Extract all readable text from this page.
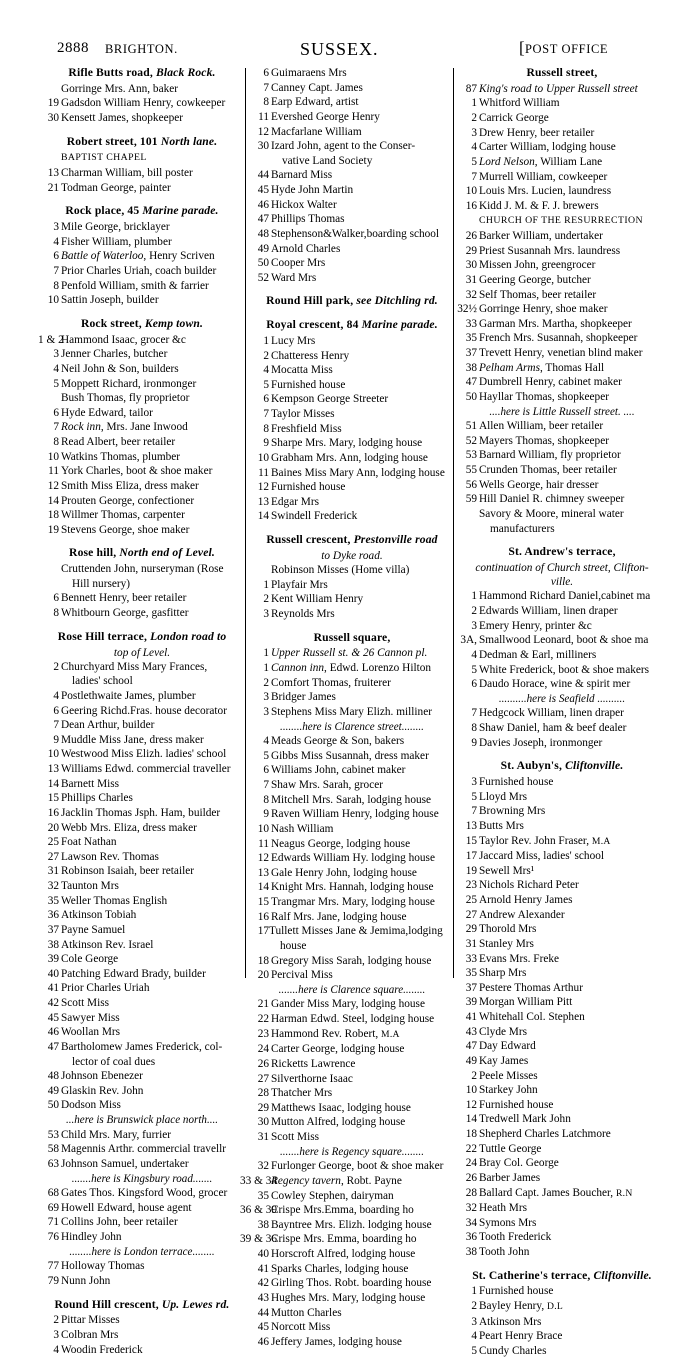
2888 BRIGHTON.	SUSSEX.	[ POST OFFICE
Rifle Butts road, Black Rock.
Gorringe Mrs. Ann, baker
19 Gadsdon William Henry, cowkeeper
30 Kensett James, shopkeeper
Robert street, 101 North lane.
BAPTIST CHAPEL
13 Charman William, bill poster
21 Todman George, painter
Rock place, 45 Marine parade.
3 Mile George, bricklayer
4 Fisher William, plumber
6 Battle of Waterloo, Henry Scriven
7 Prior Charles Uriah, coach builder
8 Penfold William, smith & farrier
10 Sattin Joseph, builder
Rock street, Kemp town.
1 & 2
Hammond Isaac, grocer &c
3 Jenner Charles, butcher
4 Neil John & Son, builders
5 Moppett Richard, ironmonger
Bush Thomas, fly proprietor
6 Hyde Edward, tailor
7 Rock inn, Mrs. Jane Inwood
8 Read Albert, beer retailer
10 Watkins Thomas, plumber
11 York Charles, boot & shoe maker
12 Smith Miss Eliza, dress maker
14 Prouten George, confectioner
18 Willmer Thomas, carpenter
19 Stevens George, shoe maker
Rose hill, North end of Level.
Cruttenden John, nurseryman (Rose
Hill nursery)
6 Bennett Henry, beer retailer
8 Whitbourn George, gasfitter
Rose Hill terrace, London road to
top of Level.
2 Churchyard Miss Mary Frances,
ladies' school
4 Postlethwaite James, plumber
6 Geering Richd.Fras. house decorator
7 Dean Arthur, builder
9 Muddle Miss Jane, dress maker
10 Westwood Miss Elizh. ladies' school
13 Williams Edwd. commercial traveller
14 Barnett Miss
15 Phillips Charles
16 Jacklin Thomas Jsph. Ham, builder
20 Webb Mrs. Eliza, dress maker
25 Foat Nathan
27 Lawson Rev. Thomas
31 Robinson Isaiah, beer retailer
32 Taunton Mrs
35 Weller Thomas English
36 Atkinson Tobiah
37 Payne Samuel
38 Atkinson Rev. Israel
39 Cole George
40 Patching Edward Brady, builder
41 Prior Charles Uriah
42 Scott Miss
45 Sawyer Miss
46 Woollan Mrs
47 Bartholomew James Frederick, col-
lector of coal dues
48 Johnson Ebenezer
49 Glaskin Rev. John
50 Dodson Miss
...here is Brunswick place north....
53 Child Mrs. Mary, furrier
58 Magennis Arthr. commercial travellr
63 Johnson Samuel, undertaker
.......here is Kingsbury road.......
68 Gates Thos. Kingsford Wood, grocer
69 Howell Edward, house agent
71 Collins John, beer retailer
76 Hindley John
........here is London terrace........
77 Holloway Thomas
79 Nunn John
Round Hill crescent, Up. Lewes rd.
2 Pittar Misses
3 Colbran Mrs
4 Woodin Frederick
6 Guimaraens Mrs
7 Canney Capt. James
8 Earp Edward, artist
11 Evershed George Henry
12 Macfarlane William
30 Izard John, agent to the Conser-
vative Land Society
44 Barnard Miss
45 Hyde John Martin
46 Hickox Walter
47 Phillips Thomas
48 Stephenson&Walker,boarding school
49 Arnold Charles
50 Cooper Mrs
52 Ward Mrs
Round Hill park, see Ditchling rd.
Royal crescent, 84 Marine parade.
1 Lucy Mrs
2 Chatteress Henry
4 Mocatta Miss
5 Furnished house
6 Kempson George Streeter
7 Taylor Misses
8 Freshfield Miss
9 Sharpe Mrs. Mary, lodging house
10 Grabham Mrs. Ann, lodging house
11 Baines Miss Mary Ann, lodging house
12 Furnished house
13 Edgar Mrs
14 Swindell Frederick
Russell crescent, Prestonville road
to Dyke road.
Robinson Misses (Home villa)
1 Playfair Mrs
2 Kent William Henry
3 Reynolds Mrs
Russell square,
1 Upper Russell st. & 26 Cannon pl.
1 Cannon inn, Edwd. Lorenzo Hilton
2 Comfort Thomas, fruiterer
3 Bridger James
3 Stephens Miss Mary Elizh. milliner
........here is Clarence street........
4 Meads George & Son, bakers
5 Gibbs Miss Susannah, dress maker
6 Williams John, cabinet maker
7 Shaw Mrs. Sarah, grocer
8 Mitchell Mrs. Sarah, lodging house
9 Raven William Henry, lodging house
10 Nash William
11 Neagus George, lodging house
12 Edwards William Hy. lodging house
13 Gale Henry John, lodging house
14 Knight Mrs. Hannah, lodging house
15 Trangmar Mrs. Mary, lodging house
16 Ralf Mrs. Jane, lodging house
17 Tullett Misses Jane & Jemima,lodging
house
18 Gregory Miss Sarah, lodging house
20 Percival Miss
.......here is Clarence square........
21 Gander Miss Mary, lodging house
22 Harman Edwd. Steel, lodging house
23 Hammond Rev. Robert, M.A
24 Carter George, lodging house
26 Ricketts Lawrence
27 Silverthorne Isaac
28 Thatcher Mrs
29 Matthews Isaac, lodging house
30 Mutton Alfred, lodging house
31 Scott Miss
.......here is Regency square........
32 Furlonger George, boot & shoe maker
33 & 34
Regency tavern, Robt. Payne
35 Cowley Stephen, dairyman
36 & 39
Crispe Mrs.Emma, boarding ho
38 Bayntree Mrs. Elizh. lodging house
39 & 36
Crispe Mrs. Emma, boarding ho
40 Horscroft Alfred, lodging house
41 Sparks Charles, lodging house
42 Girling Thos. Robt. boarding house
43 Hughes Mrs. Mary, lodging house
44 Mutton Charles
45 Norcott Miss
46 Jeffery James, lodging house
Russell street,
87 King's road to Upper Russell street
1 Whitford William
2 Carrick George
3 Drew Henry, beer retailer
4 Carter William, lodging house
5 Lord Nelson, William Lane
7 Murrell William, cowkeeper
10 Louis Mrs. Lucien, laundress
16 Kidd J. M. & F. J. brewers
CHURCH OF THE RESURRECTION
26 Barker William, undertaker
29 Priest Susannah Mrs. laundress
30 Missen John, greengrocer
31 Geering George, butcher
32 Self Thomas, beer retailer
32½ Gorringe Henry, shoe maker
33 Garman Mrs. Martha, shopkeeper
35 French Mrs. Susannah, shopkeeper
37 Trevett Henry, venetian blind maker
38 Pelham Arms, Thomas Hall
47 Dumbrell Henry, cabinet maker
50 Hayllar Thomas, shopkeeper
....here is Little Russell street. ....
51 Allen William, beer retailer
52 Mayers Thomas, shopkeeper
53 Barnard William, fly proprietor
55 Crunden Thomas, beer retailer
56 Wells George, hair dresser
59 Hill Daniel R. chimney sweeper
Savory & Moore, mineral water
manufacturers
St. Andrew's terrace,
continuation of Church street, Clifton-
ville.
1 Hammond Richard Daniel,cabinet ma
2 Edwards William, linen draper
3 Emery Henry, printer &c
3A, Smallwood Leonard, boot & shoe ma
4 Dedman & Earl, milliners
5 White Frederick, boot & shoe makers
6 Daudo Horace, wine & spirit mer
..........here is Seafield ..........
7 Hedgcock William, linen draper
8 Shaw Daniel, ham & beef dealer
9 Davies Joseph, ironmonger
St. Aubyn's, Cliftonville.
3 Furnished house
5 Lloyd Mrs
7 Browning Mrs
13 Butts Mrs
15 Taylor Rev. John Fraser, M.A
17 Jaccard Miss, ladies' school
19 Sewell Mrs¹
23 Nichols Richard Peter
25 Arnold Henry James
27 Andrew Alexander
29 Thorold Mrs
31 Stanley Mrs
33 Evans Mrs. Freke
35 Sharp Mrs
37 Pestere Thomas Arthur
39 Morgan William Pitt
41 Whitehall Col. Stephen
43 Clyde Mrs
47 Day Edward
49 Kay James
2 Peele Misses
10 Starkey John
12 Furnished house
14 Tredwell Mark John
18 Shepherd Charles Latchmore
22 Tuttle George
24 Bray Col. George
26 Barber James
28 Ballard Capt. James Boucher, R.N
32 Heath Mrs
34 Symons Mrs
36 Tooth Frederick
38 Tooth John
St. Catherine's terrace, Cliftonville.
1 Furnished house
2 Bayley Henry, D.L
3 Atkinson Mrs
4 Peart Henry Brace
5 Cundy Charles
